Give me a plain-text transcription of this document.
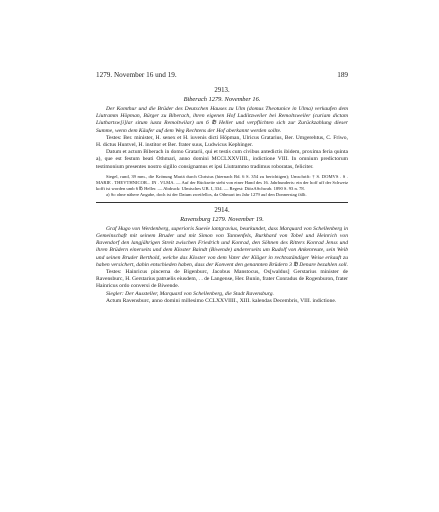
1279. November 16 und 19.	189
2913.
Biberach 1279. November 16.

Der Komthur und die Brüder des Deutschen Hauses zu Ulm (domus Theotunice in Ulma) verkaufen dem Liutramm Höpman, Bürger zu Biberach, ihren eigenen Hof Ludiitzweiler bei Remoltsweiler (curiam dictam Liuthartsw[i]lar situm iuxta Remoltwilar) um 6 ℔ Heller und verpflichten sich zur Zurückzahlung dieser Summe, wenn dem Käufer auf dem Weg Rechtens der Hof aberkannt werden sollte.

Testes: Ber. minister, H. senex et H. iuvenis dicti Höpman, Ulricus Gratarius, Ber. Umgerehtus, C. Friwo, H. dictus Huntvel, H. institor et Ber. frater suus, Ludwicus Kephinger.

Datum et actum Biberach in domo Gratarii, qui et testis cum civibus antedictis ibidem, proxima feria quinta a), que est festum beati Othmari, anno domini MCCLXXVIIII., indictione VIII. In omnium predictorum testimonium presentes nostro sigillo consignamus et ipsi Liutrammo tradimus roboratas, feliciter.

Siegel, rund, 39 mm., die Krönung Mariä durch Christus (hiernach Bd. 6 S. 354 zu berichtigen); Umschrift: † S. DOMVS . S . MARIE . THEVTHNICOR... IN . VLMA. — Auf der Rückseite steht von einer Hand des 16. Jahrhunderts: ein der hoff uff der Schweiz kofft ist worden umb 6 ℔ Heller. — Abdruck: Ulmisches UB. I, 334. — Regest: DiözASchwab. 1890 S. 93 n. 78.

a) So ohne nähere Angabe, doch ist der Datum zweifellos, da Othmari im Jahr 1279 auf den Donnerstag fällt.

2914.
Ravensburg 1279. November 19.

Graf Hugo von Werdenberg, superioris Suevie lantgravius, beurkundet, dass Marquard von Schellenberg in Gemeinschaft mit seinem Bruder und mit Simon von Tannenfels, Burkhard von Tobel und Heinrich von Ravendorf den langjährigen Streit zwischen Friedrich und Konrad, den Söhnen des Ritters Konrad Jenss und ihren Brüdern einerseits und dem Kloster Baindt (Biwende) andererseits um Rudolf von Ankenreute, sein Weib und seinen Bruder Berthold, welche das Kloster von dem Vater der Kläger in rechtsständiger Weise erkauft zu haben versichert, dahin entschieden haben, dass der Konvent den genannten Brüdern 3 ℔ Denare bezahlen soll.

Testes: Hainricus pincerna de Bigenburc, Jacobus Manstocus, Os[waldus] Gerstarius minister de Ravensburc, H. Gerstarius patruelis eiusdem, . . de Langense, Her. Bunin, frater Conradus de Rogenburon, frater Hainricus ordo conversi de Biwende.

Siegler: Der Aussteller, Marquard von Schellenberg, die Stadt Ravensburg.

Actum Ravensburc, anno domini millesimo CCLXXVIIII., XIII. kalendas Decembris, VIII. indictione.
